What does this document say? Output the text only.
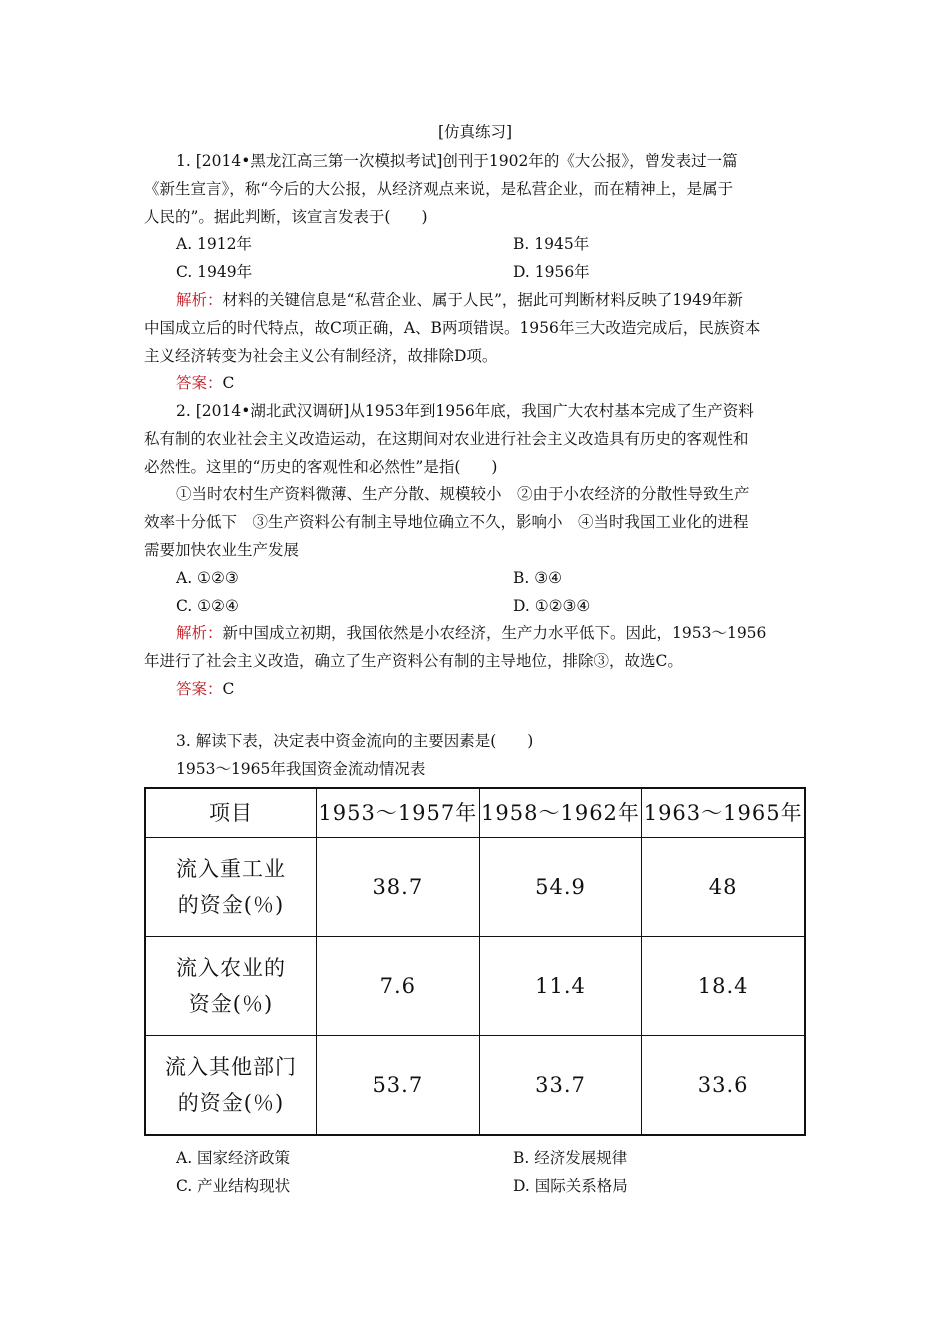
[仿真练习]
1. [2014•黑龙江高三第一次模拟考试]创刊于1902年的《大公报》，曾发表过一篇
《新生宣言》，称“今后的大公报，从经济观点来说，是私营企业，而在精神上，是属于
人民的”。据此判断，该宣言发表于(　　)
A. 1912年	B. 1945年
C. 1949年	D. 1956年
解析：材料的关键信息是“私营企业、属于人民”，据此可判断材料反映了1949年新
中国成立后的时代特点，故C项正确，A、B两项错误。1956年三大改造完成后，民族资本
主义经济转变为社会主义公有制经济，故排除D项。
答案：C
2. [2014•湖北武汉调研]从1953年到1956年底，我国广大农村基本完成了生产资料
私有制的农业社会主义改造运动，在这期间对农业进行社会主义改造具有历史的客观性和
必然性。这里的“历史的客观性和必然性”是指(　　)
①当时农村生产资料微薄、生产分散、规模较小　②由于小农经济的分散性导致生产
效率十分低下　③生产资料公有制主导地位确立不久，影响小　④当时我国工业化的进程
需要加快农业生产发展
A. ①②③	B. ③④
C. ①②④	D. ①②③④
解析：新中国成立初期，我国依然是小农经济，生产力水平低下。因此，1953～1956
年进行了社会主义改造，确立了生产资料公有制的主导地位，排除③，故选C。
答案：C
3. 解读下表，决定表中资金流向的主要因素是(　　)
1953～1965年我国资金流动情况表
项目	1953～1957年	1958～1962年	1963～1965年

流入重工业
的资金(％)	38.7	54.9	48

流入农业的
资金(％)	7.6	11.4	18.4

流入其他部门
的资金(％)	53.7	33.7	33.6
A. 国家经济政策	B. 经济发展规律
C. 产业结构现状	D. 国际关系格局
